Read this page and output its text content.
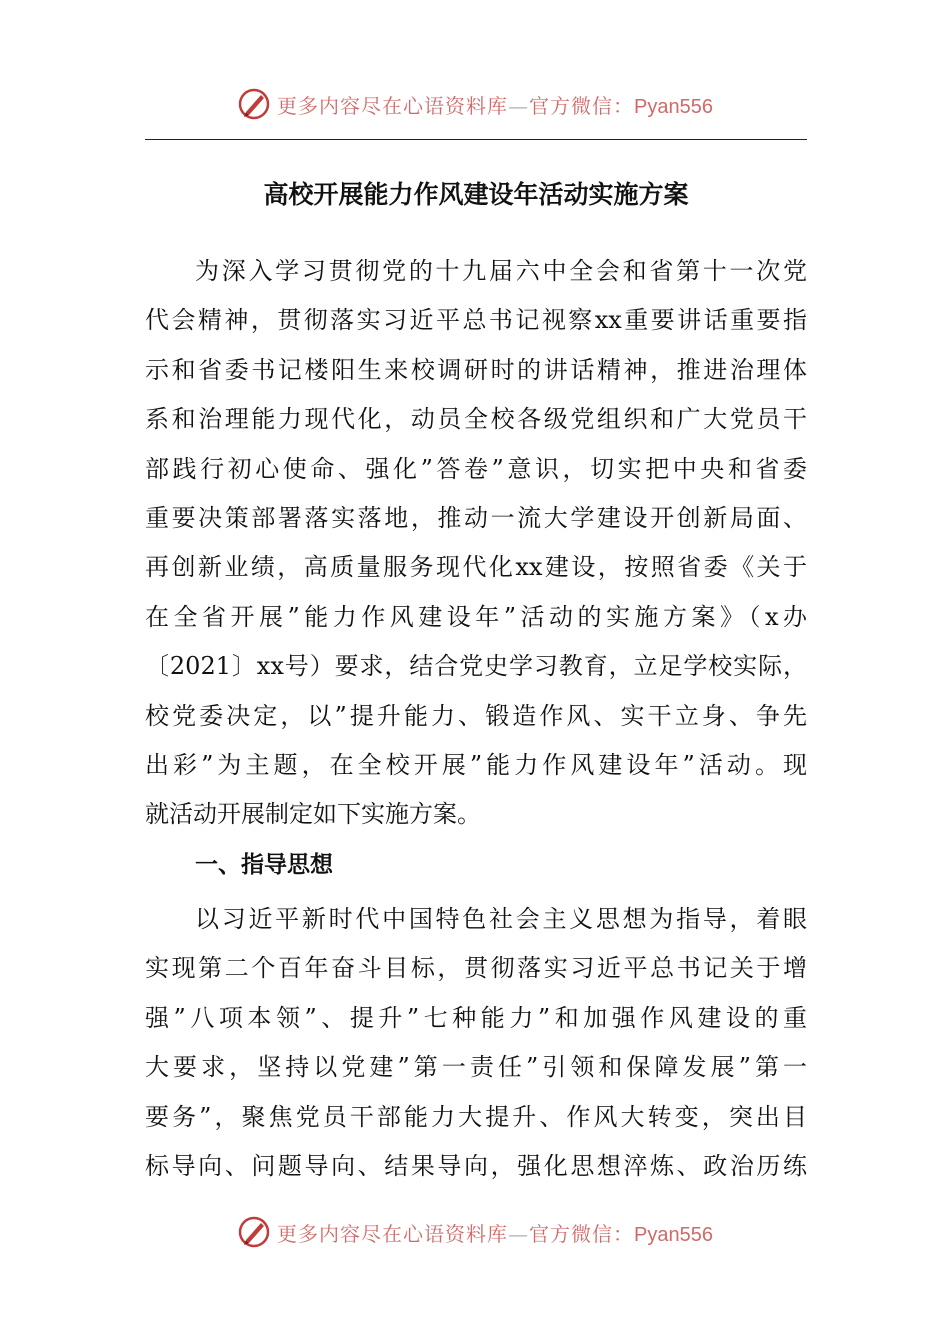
更多内容尽在心语资料库—官方微信：Pyan556
高校开展能力作风建设年活动实施方案
为深入学习贯彻党的十九届六中全会和省第十一次党
代会精神，贯彻落实习近平总书记视察xx重要讲话重要指
示和省委书记楼阳生来校调研时的讲话精神，推进治理体
系和治理能力现代化，动员全校各级党组织和广大党员干
部践行初心使命、强化”答卷”意识，切实把中央和省委
重要决策部署落实落地，推动一流大学建设开创新局面、
再创新业绩，高质量服务现代化xx建设，按照省委《关于
在全省开展”能力作风建设年”活动的实施方案》（x办
〔2021〕xx号）要求，结合党史学习教育，立足学校实际，
校党委决定，以”提升能力、锻造作风、实干立身、争先
出彩”为主题，在全校开展”能力作风建设年”活动。现
就活动开展制定如下实施方案。
一、指导思想
以习近平新时代中国特色社会主义思想为指导，着眼
实现第二个百年奋斗目标，贯彻落实习近平总书记关于增
强”八项本领”、提升”七种能力”和加强作风建设的重
大要求，坚持以党建”第一责任”引领和保障发展”第一
要务”，聚焦党员干部能力大提升、作风大转变，突出目
标导向、问题导向、结果导向，强化思想淬炼、政治历练
更多内容尽在心语资料库—官方微信：Pyan556
